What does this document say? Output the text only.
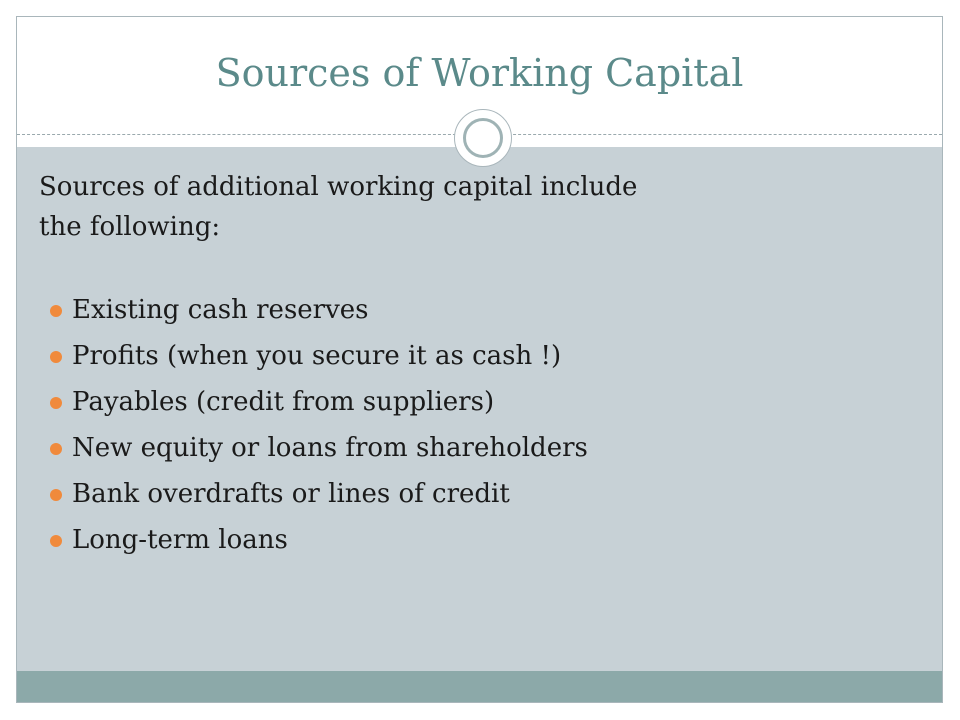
Sources of Working Capital

Sources of additional working capital include
the following:

Existing cash reserves
Profits (when you secure it as cash !)
Payables (credit from suppliers)
New equity or loans from shareholders
Bank overdrafts or lines of credit
Long-term loans
